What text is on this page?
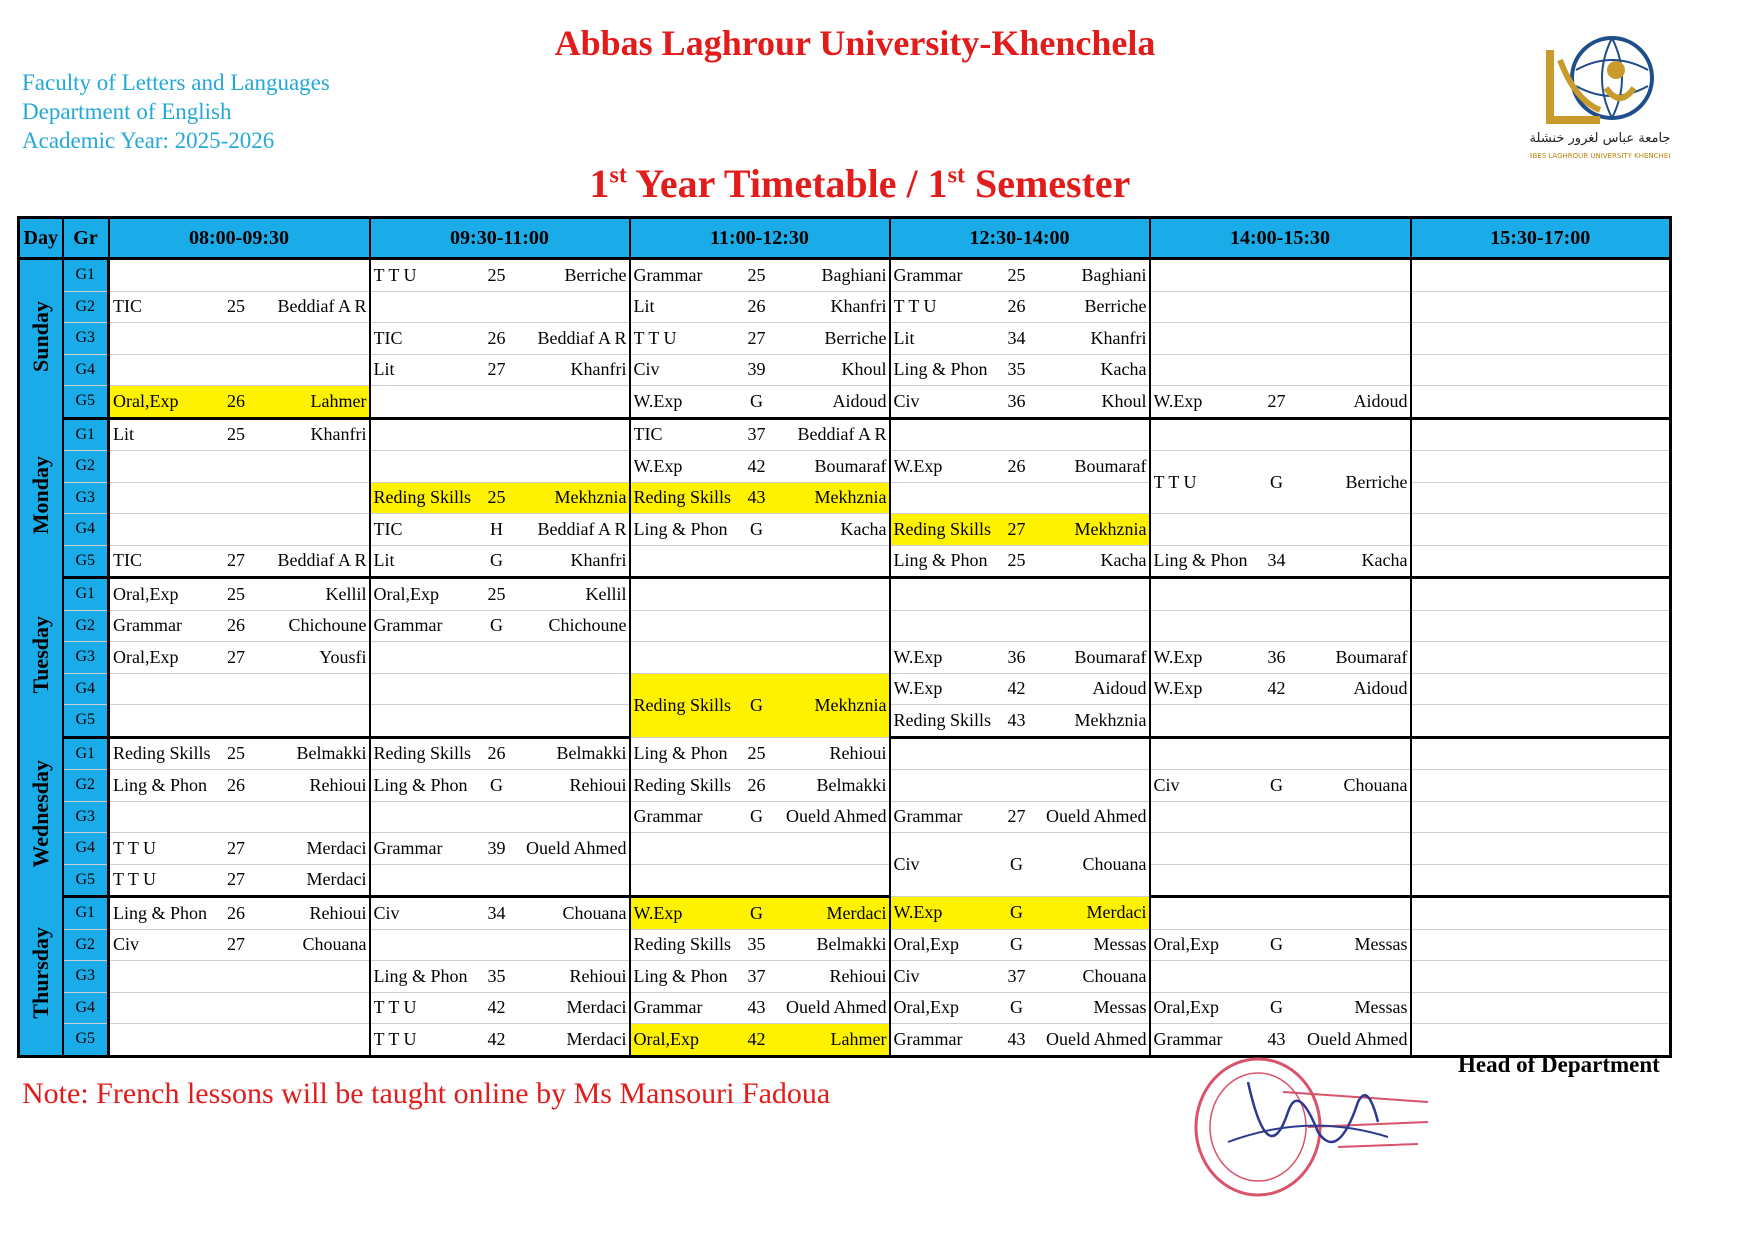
Abbas Laghrour University-Khenchela
Faculty of Letters and Languages
Department of English
Academic Year: 2025-2026	جامعة عباس لغرور خنشلة
ABBES LAGHROUR UNIVERSITY KHENCHELA
1st Year Timetable / 1st Semester
Day	Gr	08:00-09:30	09:30-11:00	11:00-12:30	12:30-14:00	14:00-15:30	15:30-17:00
Sunday	G1		T T U 25 Berriche	Grammar 25 Baghiani	Grammar 25 Baghiani		

	G2	TIC 25 Beddiaf A R		Lit 26 Khanfri	T T U 26 Berriche		

	G3		TIC 26 Beddiaf A R	T T U 27 Berriche	Lit 34 Khanfri		

	G4		Lit 27 Khanfri	Civ 39 Khoul	Ling & Phon 35 Kacha		

	G5	Oral,Exp 26 Lahmer		W.Exp G Aidoud	Civ 36 Khoul	W.Exp 27 Aidoud	

Monday	G1	Lit 25 Khanfri		TIC 37 Beddiaf A R			

	G2			W.Exp 42 Boumaraf	W.Exp 26 Boumaraf	T T U G Berriche	

	G3		Reding Skills 25 Mekhznia	Reding Skills 43 Mekhznia			

	G4		TIC H Beddiaf A R	Ling & Phon G Kacha	Reding Skills 27 Mekhznia		

	G5	TIC 27 Beddiaf A R	Lit G Khanfri		Ling & Phon 25 Kacha	Ling & Phon 34 Kacha	

Tuesday	G1	Oral,Exp 25 Kellil	Oral,Exp 25 Kellil				

	G2	Grammar 26 Chichoune	Grammar G Chichoune				

	G3	Oral,Exp 27 Yousfi			W.Exp 36 Boumaraf	W.Exp 36 Boumaraf	

	G4			Reding Skills G Mekhznia	W.Exp 42 Aidoud	W.Exp 42 Aidoud	

	G5				Reding Skills 43 Mekhznia		

Wednesday	G1	Reding Skills 25 Belmakki	Reding Skills 26 Belmakki	Ling & Phon 25 Rehioui			

	G2	Ling & Phon 26 Rehioui	Ling & Phon G Rehioui	Reding Skills 26 Belmakki		Civ G Chouana	

	G3			Grammar G Oueld Ahmed	Grammar 27 Oueld Ahmed		

	G4	T T U 27 Merdaci	Grammar 39 Oueld Ahmed		Civ G Chouana		

	G5	T T U 27 Merdaci					

Thursday	G1	Ling & Phon 26 Rehioui	Civ 34 Chouana	W.Exp G Merdaci	W.Exp G Merdaci		

	G2	Civ 27 Chouana		Reding Skills 35 Belmakki	Oral,Exp G Messas	Oral,Exp G Messas	

	G3		Ling & Phon 35 Rehioui	Ling & Phon 37 Rehioui	Civ 37 Chouana		

	G4		T T U 42 Merdaci	Grammar 43 Oueld Ahmed	Oral,Exp G Messas	Oral,Exp G Messas	

	G5		T T U 42 Merdaci	Oral,Exp 42 Lahmer	Grammar 43 Oueld Ahmed	Grammar 43 Oueld Ahmed	

Head of Department
Note: French lessons will be taught online by Ms Mansouri Fadoua
